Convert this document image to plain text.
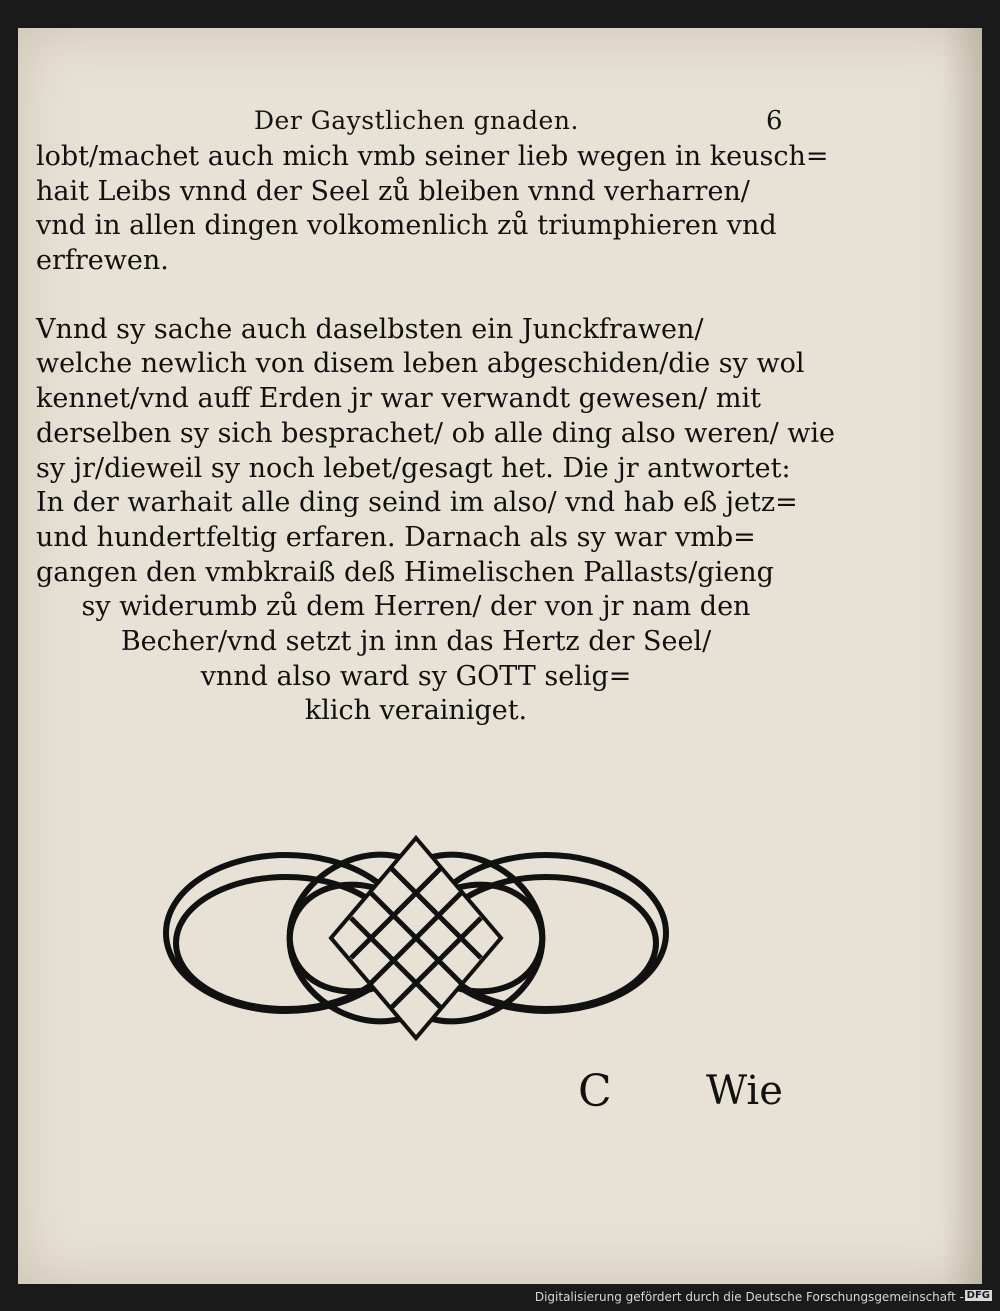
Der Gaystlichen gnaden.	6
lobt/machet auch mich vmb seiner lieb wegen in keusch=
hait Leibs vnnd der Seel zů bleiben vnnd verharren/
vnd in allen dingen volkomenlich zů triumphieren vnd
erfrewen.
Vnnd sy sache auch daselbsten ein Junckfrawen/
welche newlich von disem leben abgeschiden/die sy wol
kennet/vnd auff Erden jr war verwandt gewesen/ mit
derselben sy sich besprachet/ ob alle ding also weren/ wie
sy jr/dieweil sy noch lebet/gesagt het. Die jr antwortet:
In der warhait alle ding seind im also/ vnd hab eß jetz=
und hundertfeltig erfaren. Darnach als sy war vmb=
gangen den vmbkraiß deß Himelischen Pallasts/gieng
sy widerumb zů dem Herren/ der von jr nam den
Becher/vnd setzt jn inn das Hertz der Seel/
vnnd also ward sy GOTT selig=
klich verainiget.
C Wie
Digitalisierung gefördert durch die Deutsche Forschungsgemeinschaft - DFG
